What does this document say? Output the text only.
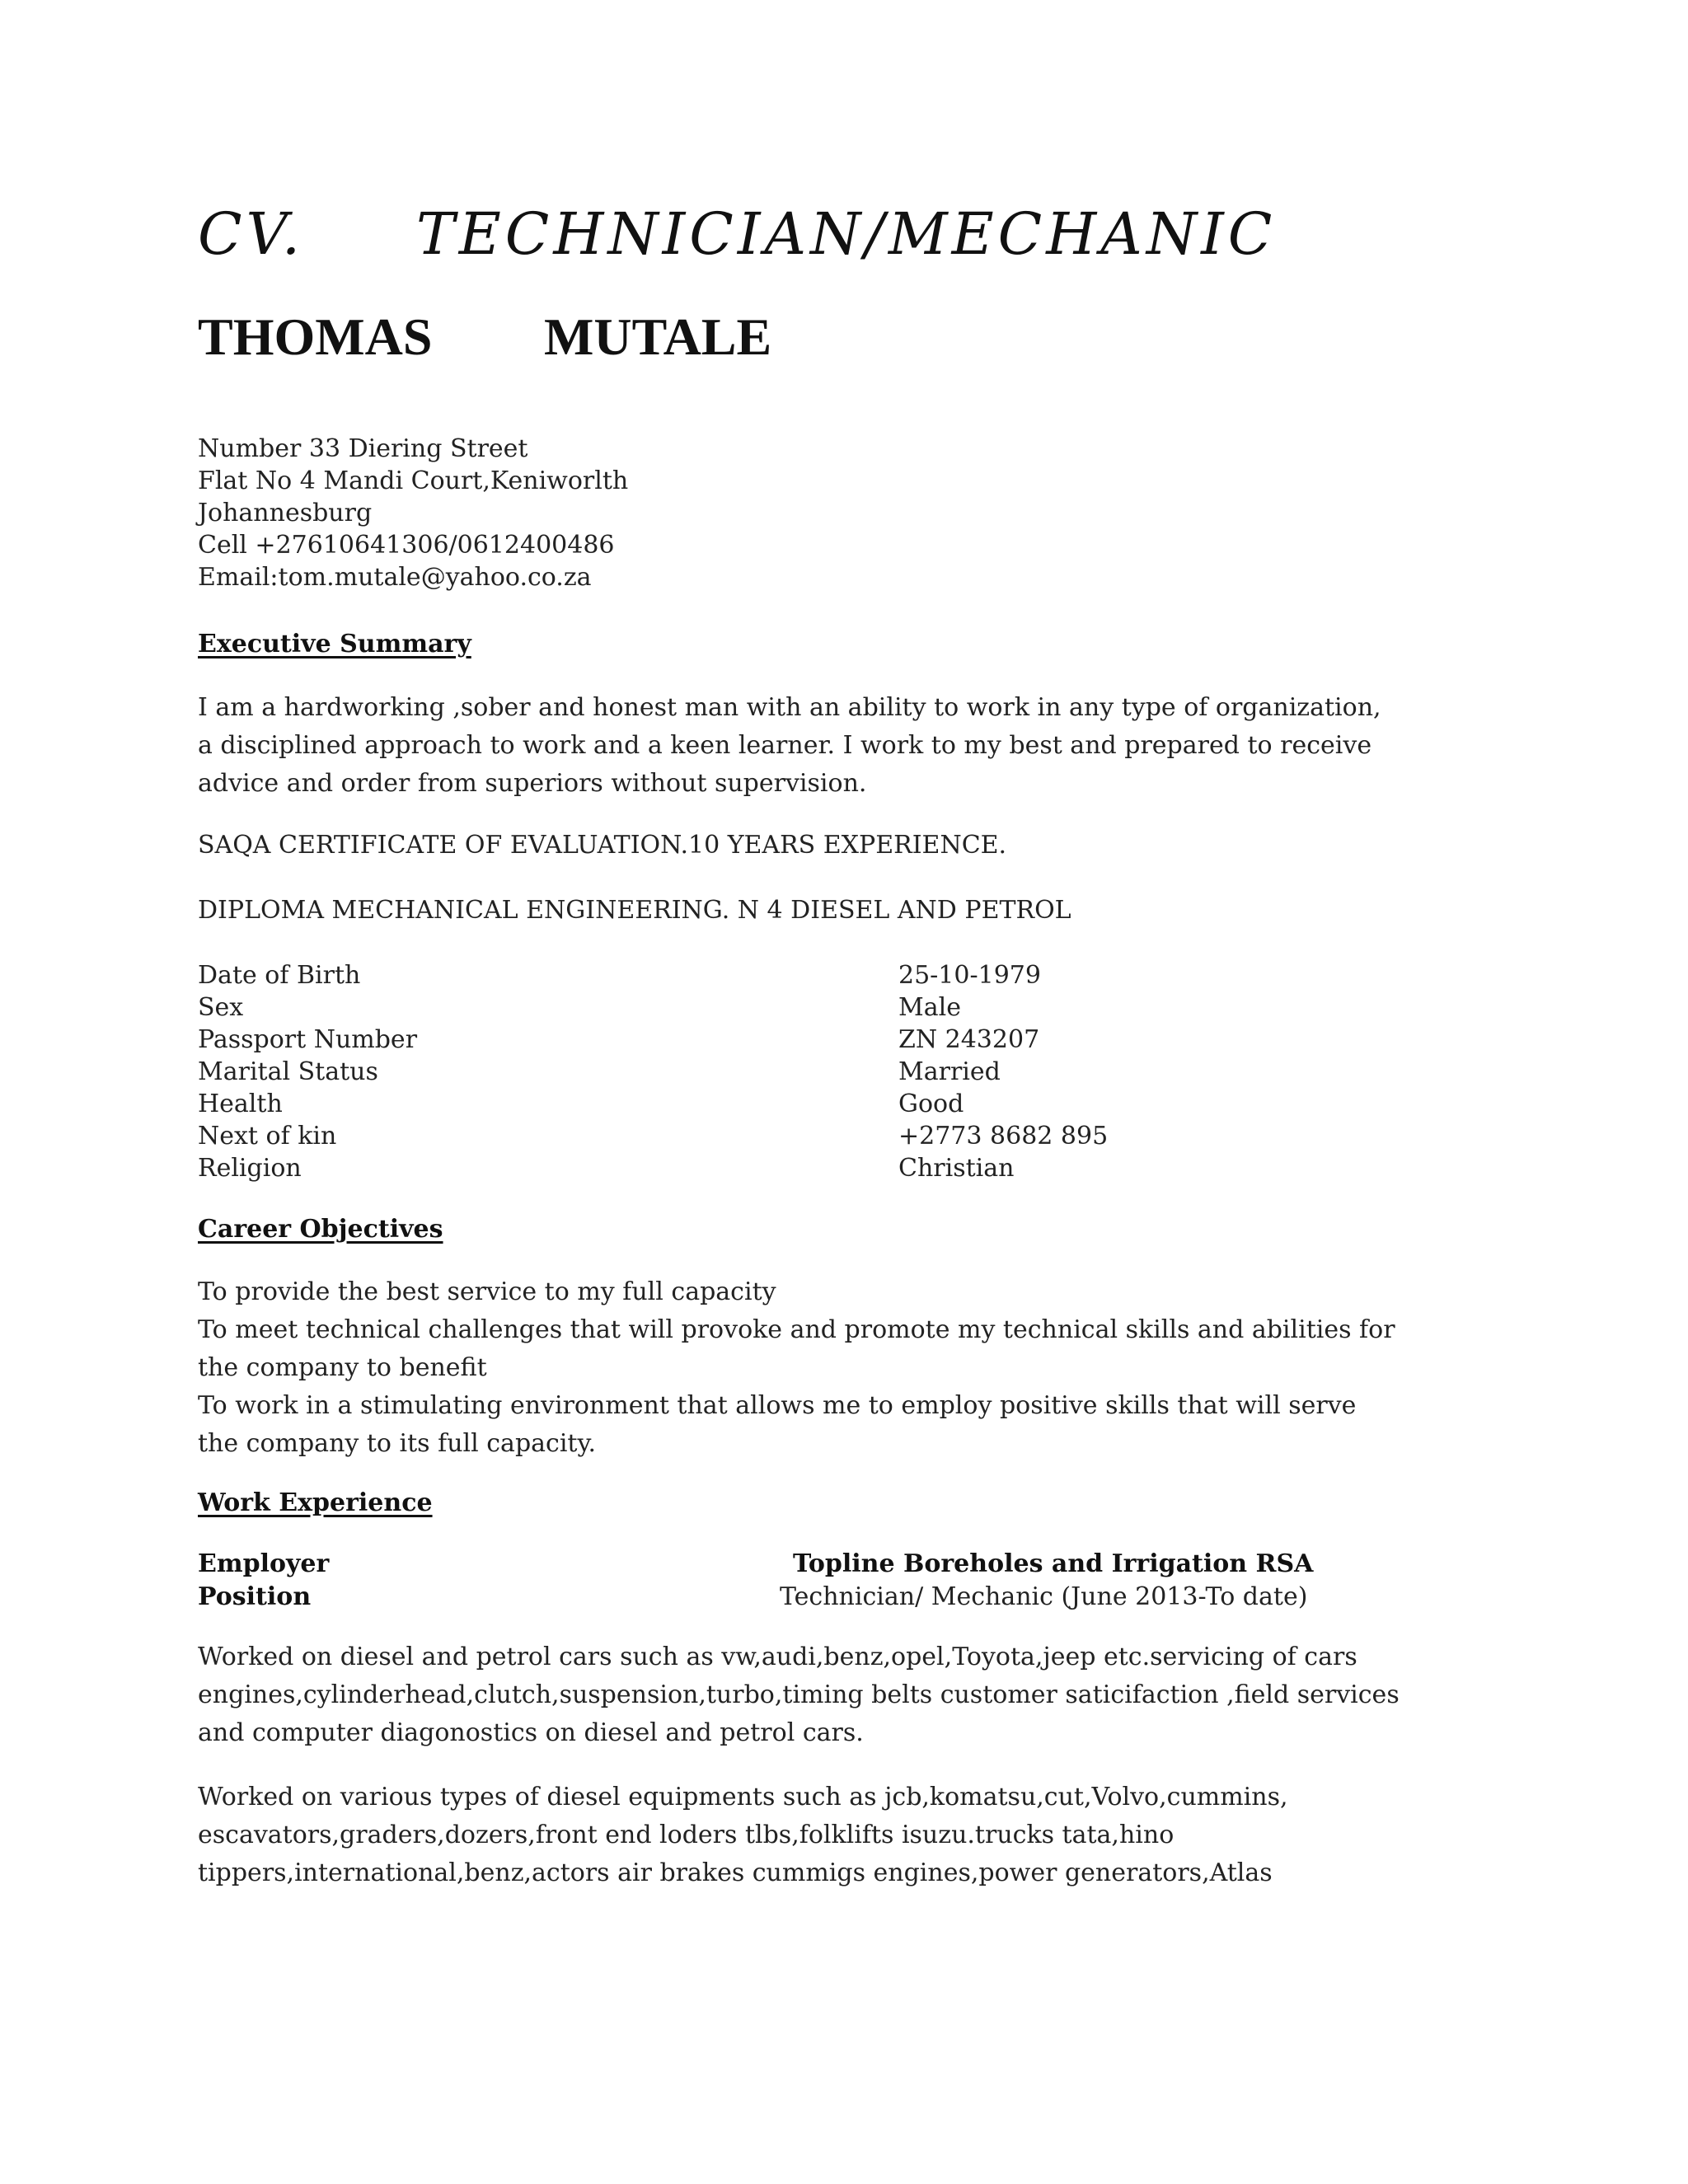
CV. TECHNICIAN/MECHANIC
THOMAS MUTALE
Number 33 Diering Street
Flat No 4 Mandi Court,Keniworlth
Johannesburg
Cell +27610641306/0612400486
Email:tom.mutale@yahoo.co.za
Executive Summary
I am a hardworking ,sober and honest man with an ability to work in any type of organization,
a disciplined approach to work and a keen learner. I work to my best and prepared to receive
advice and order from superiors without supervision.
SAQA CERTIFICATE OF EVALUATION.10 YEARS EXPERIENCE.
DIPLOMA MECHANICAL ENGINEERING. N 4 DIESEL AND PETROL
Date of Birth
Sex
Passport Number
Marital Status
Health
Next of kin
Religion
25-10-1979
Male
ZN 243207
Married
Good
+2773 8682 895
Christian
Career Objectives
To provide the best service to my full capacity
To meet technical challenges that will provoke and promote my technical skills and abilities for
the company to benefit
To work in a stimulating environment that allows me to employ positive skills that will serve
the company to its full capacity.
Work Experience
Employer	Topline Boreholes and Irrigation RSA
Position	Technician/ Mechanic (June 2013-To date)
Worked on diesel and petrol cars such as vw,audi,benz,opel,Toyota,jeep etc.servicing of cars
engines,cylinderhead,clutch,suspension,turbo,timing belts customer saticifaction ,field services
and computer diagonostics on diesel and petrol cars.
Worked on various types of diesel equipments such as jcb,komatsu,cut,Volvo,cummins,
escavators,graders,dozers,front end loders tlbs,folklifts isuzu.trucks tata,hino
tippers,international,benz,actors air brakes cummigs engines,power generators,Atlas
